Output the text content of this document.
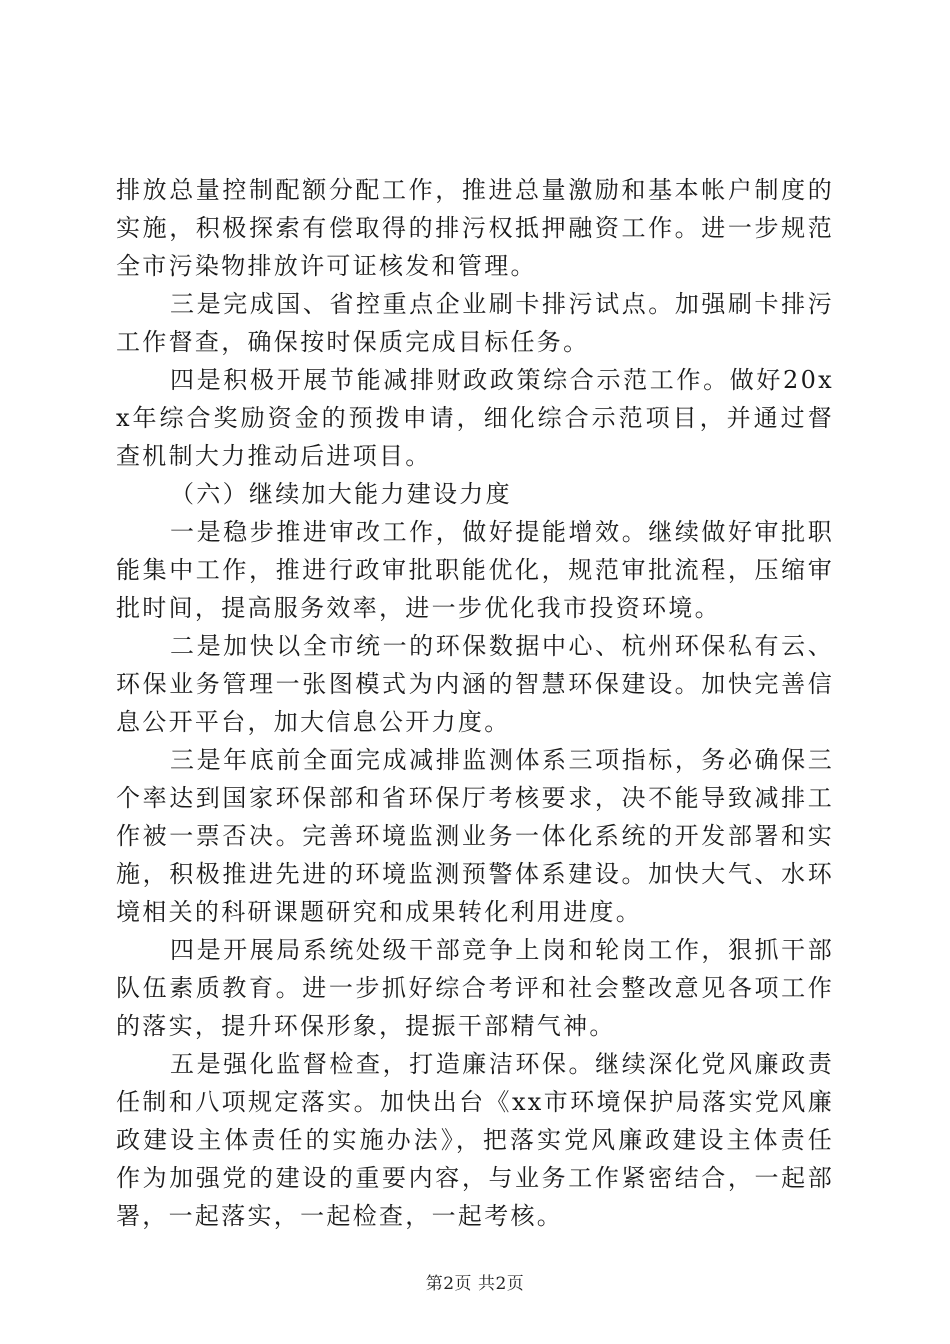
排放总量控制配额分配工作，推进总量激励和基本帐户制度的实施，积极探索有偿取得的排污权抵押融资工作。进一步规范全市污染物排放许可证核发和管理。

三是完成国、省控重点企业刷卡排污试点。加强刷卡排污工作督查，确保按时保质完成目标任务。

四是积极开展节能减排财政政策综合示范工作。做好20xx年综合奖励资金的预拨申请，细化综合示范项目，并通过督查机制大力推动后进项目。

（六）继续加大能力建设力度

一是稳步推进审改工作，做好提能增效。继续做好审批职能集中工作，推进行政审批职能优化，规范审批流程，压缩审批时间，提高服务效率，进一步优化我市投资环境。

二是加快以全市统一的环保数据中心、杭州环保私有云、环保业务管理一张图模式为内涵的智慧环保建设。加快完善信息公开平台，加大信息公开力度。

三是年底前全面完成减排监测体系三项指标，务必确保三个率达到国家环保部和省环保厅考核要求，决不能导致减排工作被一票否决。完善环境监测业务一体化系统的开发部署和实施，积极推进先进的环境监测预警体系建设。加快大气、水环境相关的科研课题研究和成果转化利用进度。

四是开展局系统处级干部竞争上岗和轮岗工作，狠抓干部队伍素质教育。进一步抓好综合考评和社会整改意见各项工作的落实，提升环保形象，提振干部精气神。

五是强化监督检查，打造廉洁环保。继续深化党风廉政责任制和八项规定落实。加快出台《xx市环境保护局落实党风廉政建设主体责任的实施办法》，把落实党风廉政建设主体责任作为加强党的建设的重要内容，与业务工作紧密结合，一起部署，一起落实，一起检查，一起考核。

第2页 共2页
